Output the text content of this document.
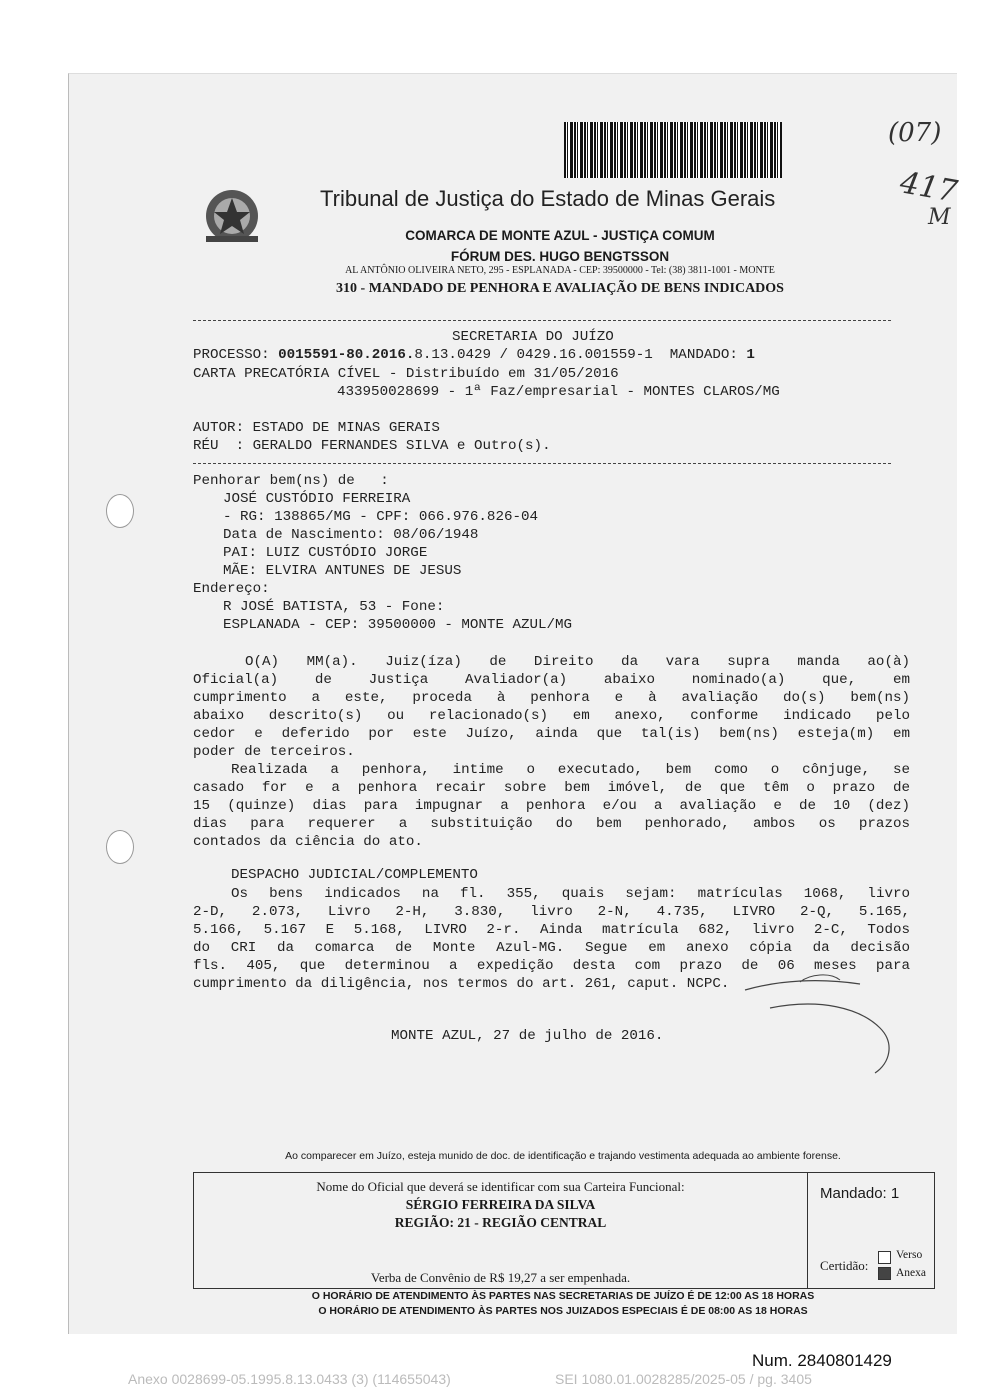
(07)
417
M
Tribunal de Justiça do Estado de Minas Gerais
COMARCA DE MONTE AZUL - JUSTIÇA COMUM
FÓRUM DES. HUGO BENGTSSON
AL ANTÔNIO OLIVEIRA NETO, 295 - ESPLANADA - CEP: 39500000 - Tel: (38) 3811-1001 - MONTE
310 - MANDADO DE PENHORA E AVALIAÇÃO DE BENS INDICADOS
SECRETARIA DO JUÍZO
PROCESSO: 0015591-80.2016.8.13.0429 / 0429.16.001559-1  MANDADO: 1
CARTA PRECATÓRIA CÍVEL - Distribuído em 31/05/2016
433950028699 - 1ª Faz/empresarial - MONTES CLAROS/MG
AUTOR: ESTADO DE MINAS GERAIS
RÉU  : GERALDO FERNANDES SILVA e Outro(s).
Penhorar bem(ns) de   :
JOSÉ CUSTÓDIO FERREIRA
- RG: 138865/MG - CPF: 066.976.826-04
Data de Nascimento: 08/06/1948
PAI: LUIZ CUSTÓDIO JORGE
MÃE: ELVIRA ANTUNES DE JESUS
Endereço:
R JOSÉ BATISTA, 53 - Fone:
ESPLANADA - CEP: 39500000 - MONTE AZUL/MG
O(A) MM(a). Juiz(íza) de Direito da vara supra manda ao(à)
Oficial(a) de Justiça Avaliador(a) abaixo nominado(a) que, em
cumprimento a este, proceda à penhora e à avaliação do(s) bem(ns)
abaixo descrito(s) ou relacionado(s) em anexo, conforme indicado pelo
cedor e deferido por este Juízo, ainda que tal(is) bem(ns) esteja(m) em
poder de terceiros.
Realizada a penhora, intime o executado, bem como o cônjuge, se
casado for e a penhora recair sobre bem imóvel, de que têm o prazo de
15 (quinze) dias para impugnar a penhora e/ou a avaliação e de 10 (dez)
dias para requerer a substituição do bem penhorado, ambos os prazos
contados da ciência do ato.
DESPACHO JUDICIAL/COMPLEMENTO
Os bens indicados na fl. 355, quais sejam: matrículas 1068, livro
2-D, 2.073, Livro 2-H, 3.830, livro 2-N, 4.735, LIVRO 2-Q, 5.165,
5.166, 5.167 E 5.168, LIVRO 2-r. Ainda matrícula 682, livro 2-C, Todos
do CRI da comarca de Monte Azul-MG. Segue em anexo cópia da decisão
fls. 405, que determinou a expedição desta com prazo de 06 meses para
cumprimento da diligência, nos termos do art. 261, caput. NCPC.
MONTE AZUL, 27 de julho de 2016.
Ao comparecer em Juízo, esteja munido de doc. de identificação e trajando vestimenta adequada ao ambiente forense.
Nome do Oficial que deverá se identificar com sua Carteira Funcional:
SÉRGIO FERREIRA DA SILVA
REGIÃO: 21 - REGIÃO CENTRAL
Verba de Convênio de R$ 19,27 a ser empenhada.
Mandado: 1
Certidão:
Verso
Anexa
O HORÁRIO DE ATENDIMENTO ÀS PARTES NAS SECRETARIAS DE JUÍZO É DE 12:00 AS 18 HORAS
O HORÁRIO DE ATENDIMENTO ÀS PARTES NOS JUIZADOS ESPECIAIS É DE 08:00 AS 18 HORAS
Num. 2840801429
Anexo 0028699-05.1995.8.13.0433 (3) (114655043)	SEI 1080.01.0028285/2025-05 / pg. 3405
